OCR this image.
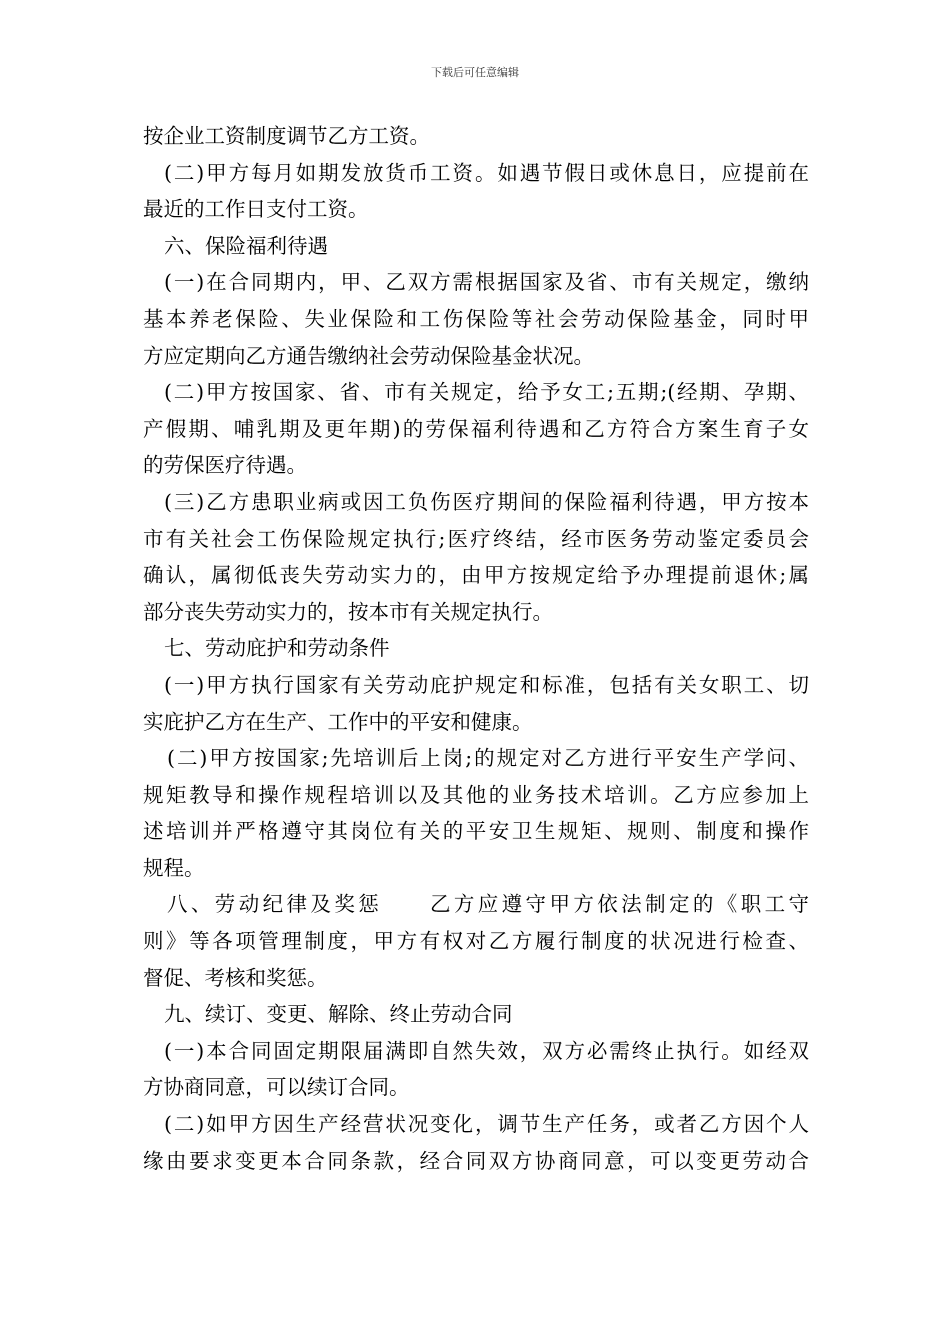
下载后可任意编辑
按企业工资制度调节乙方工资。
(二)甲方每月如期发放货币工资。如遇节假日或休息日，应提前在
最近的工作日支付工资。
六、保险福利待遇
(一)在合同期内，甲、乙双方需根据国家及省、市有关规定，缴纳
基本养老保险、失业保险和工伤保险等社会劳动保险基金，同时甲
方应定期向乙方通告缴纳社会劳动保险基金状况。
(二)甲方按国家、省、市有关规定，给予女工;五期;(经期、孕期、
产假期、哺乳期及更年期)的劳保福利待遇和乙方符合方案生育子女
的劳保医疗待遇。
(三)乙方患职业病或因工负伤医疗期间的保险福利待遇，甲方按本
市有关社会工伤保险规定执行;医疗终结，经市医务劳动鉴定委员会
确认，属彻低丧失劳动实力的，由甲方按规定给予办理提前退休;属
部分丧失劳动实力的，按本市有关规定执行。
七、劳动庇护和劳动条件
(一)甲方执行国家有关劳动庇护规定和标准，包括有关女职工、切
实庇护乙方在生产、工作中的平安和健康。
(二)甲方按国家;先培训后上岗;的规定对乙方进行平安生产学问、
规矩教导和操作规程培训以及其他的业务技术培训。乙方应参加上
述培训并严格遵守其岗位有关的平安卫生规矩、规则、制度和操作
规程。
八、劳动纪律及奖惩　　乙方应遵守甲方依法制定的《职工守
则》等各项管理制度，甲方有权对乙方履行制度的状况进行检查、
督促、考核和奖惩。
九、续订、变更、解除、终止劳动合同
(一)本合同固定期限届满即自然失效，双方必需终止执行。如经双
方协商同意，可以续订合同。
(二)如甲方因生产经营状况变化，调节生产任务，或者乙方因个人
缘由要求变更本合同条款，经合同双方协商同意，可以变更劳动合
